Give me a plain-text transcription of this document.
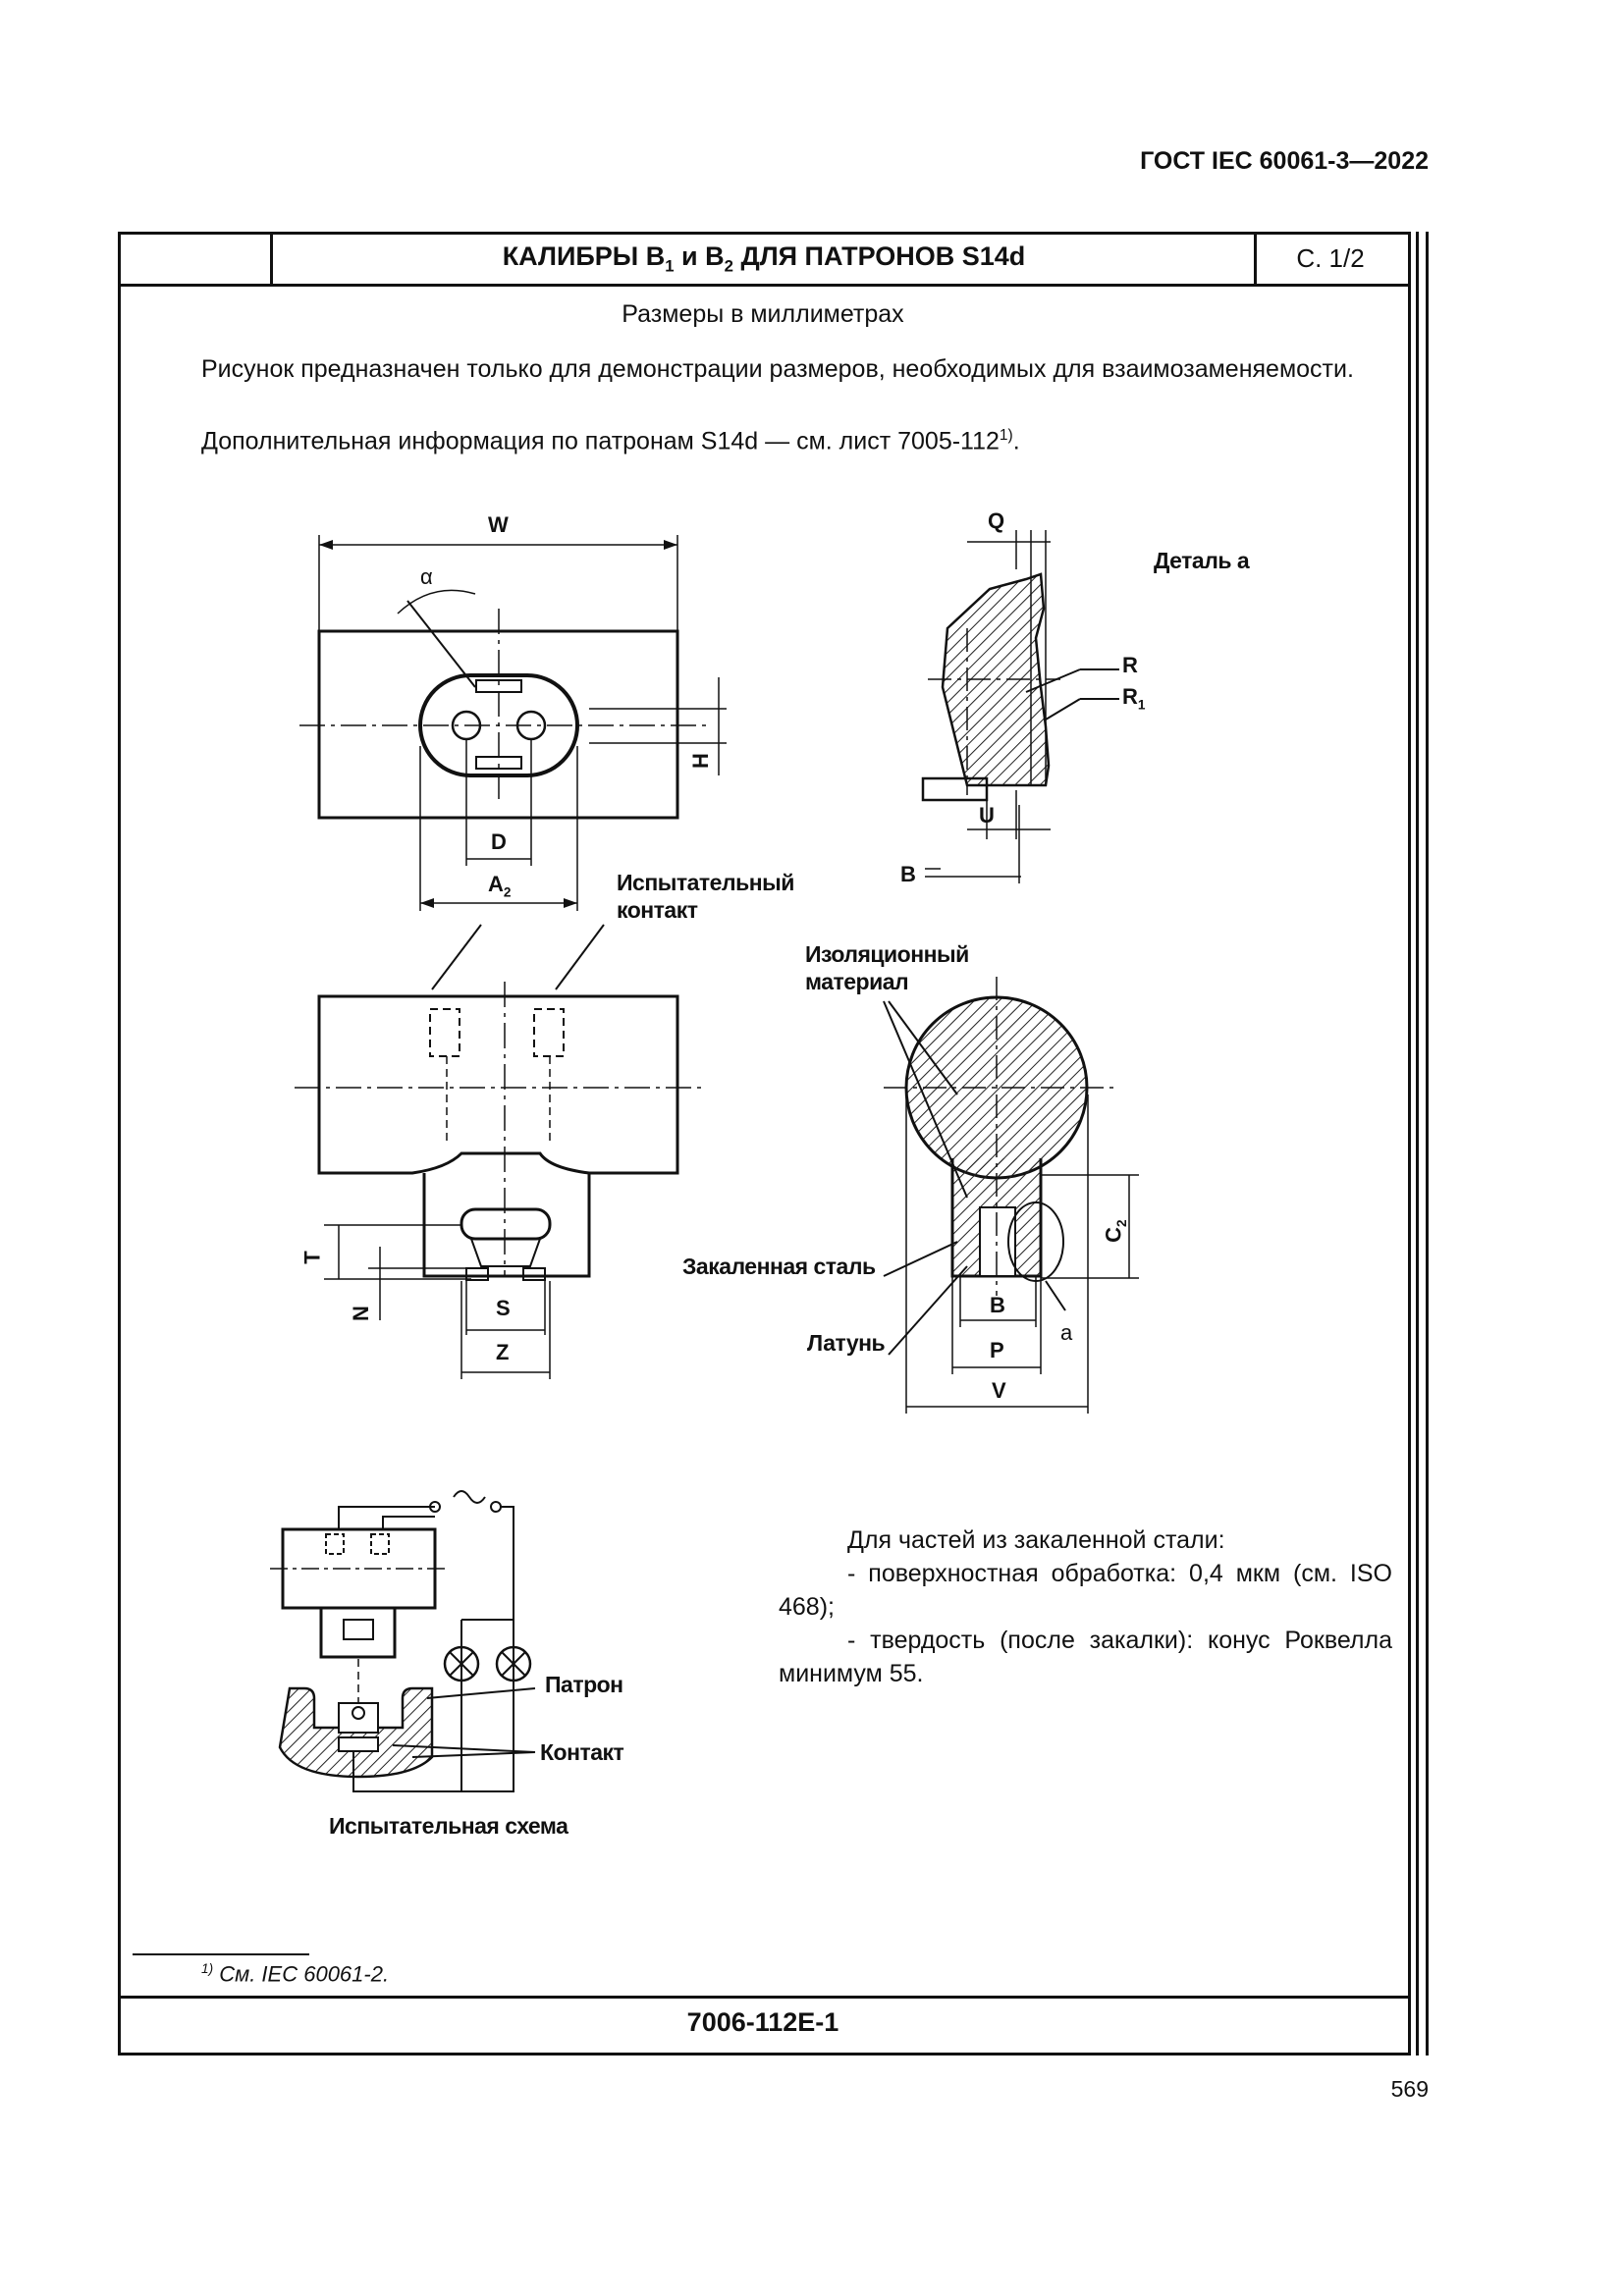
ГОСТ IEC 60061-3—2022
КАЛИБРЫ $В_1$ и $В_2$ ДЛЯ ПАТРОНОВ S14d	С. 1/2
Размеры в миллиметрах
Рисунок предназначен только для демонстрации размеров, необходимых для взаимозаменяемости.
Дополнительная информация по патронам S14d — см. лист 7005-112$^{1)}$.
W
α
H
D
$A_2$
Q
Деталь а
R
$R_1$
U
B
Испытательный
контакт
T
N	S
Z
Изоляционный
материал
$C_2$
Закаленная сталь
Латунь
B
P
V
a
Патрон
Контакт
Испытательная схема
Для частей из закаленной стали:
- поверхностная обработка: 0,4 мкм (см. ISO 468);
- твердость (после закалки): конус Роквелла минимум 55.
$^{1)}$ См. IEC 60061-2.
7006-112E-1
569
